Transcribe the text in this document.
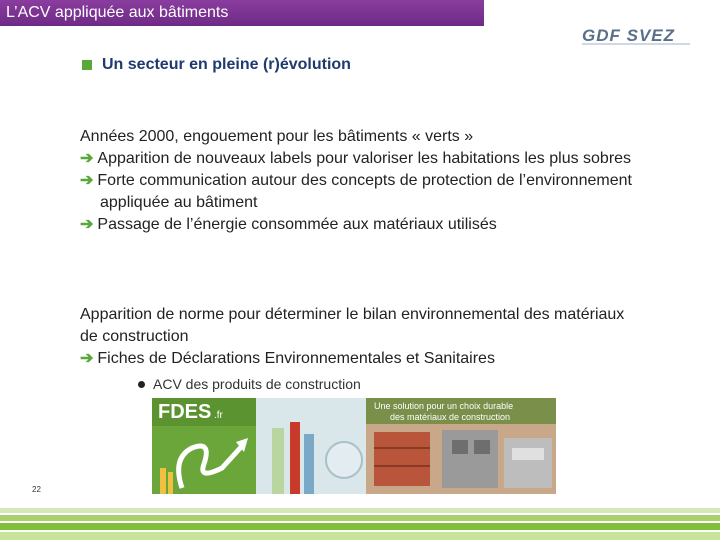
L’ACV appliquée aux bâtiments
GDF SVEZ
Un secteur en pleine (r)évolution
Années 2000, engouement pour les bâtiments « verts »
➔ Apparition de nouveaux labels pour valoriser les habitations les plus sobres
➔ Forte communication autour des concepts de protection de l’environnement appliquée au bâtiment
➔ Passage de l’énergie consommée aux matériaux utilisés
Apparition de norme pour déterminer le bilan environnemental des matériaux de construction
➔ Fiches de Déclarations Environnementales et Sanitaires
ACV des produits de construction
FDES .fr
Une solution pour un choix durable
des matériaux de construction
22
